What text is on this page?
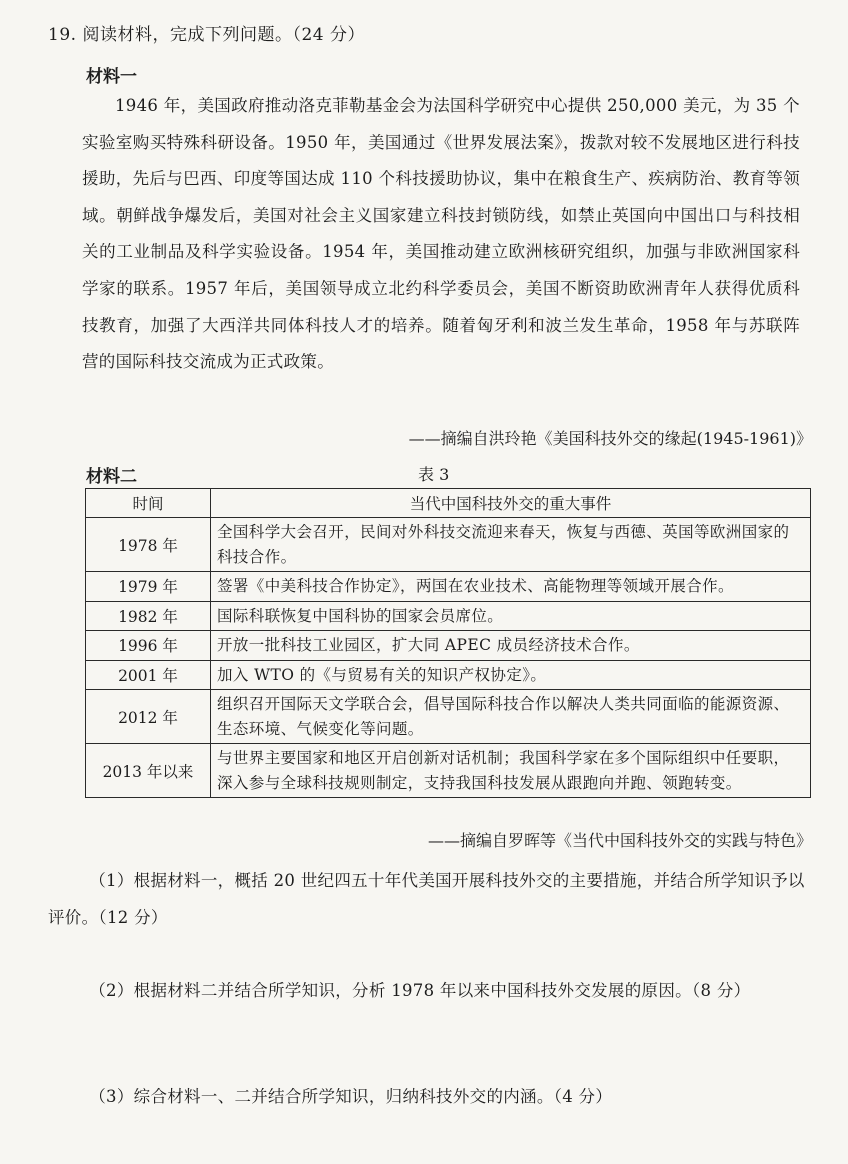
19. 阅读材料，完成下列问题。（24 分）
材料一
1946 年，美国政府推动洛克菲勒基金会为法国科学研究中心提供 250,000 美元，为 35 个实验室购买特殊科研设备。1950 年，美国通过《世界发展法案》，拨款对较不发展地区进行科技援助，先后与巴西、印度等国达成 110 个科技援助协议，集中在粮食生产、疾病防治、教育等领域。朝鲜战争爆发后，美国对社会主义国家建立科技封锁防线，如禁止英国向中国出口与科技相关的工业制品及科学实验设备。1954 年，美国推动建立欧洲核研究组织，加强与非欧洲国家科学家的联系。1957 年后，美国领导成立北约科学委员会，美国不断资助欧洲青年人获得优质科技教育，加强了大西洋共同体科技人才的培养。随着匈牙利和波兰发生革命，1958 年与苏联阵营的国际科技交流成为正式政策。
——摘编自洪玲艳《美国科技外交的缘起(1945-1961)》
材料二	表 3
时间	当代中国科技外交的重大事件
1978 年	全国科学大会召开，民间对外科技交流迎来春天，恢复与西德、英国等欧洲国家的科技合作。
1979 年	签署《中美科技合作协定》，两国在农业技术、高能物理等领域开展合作。
1982 年	国际科联恢复中国科协的国家会员席位。
1996 年	开放一批科技工业园区，扩大同 APEC 成员经济技术合作。
2001 年	加入 WTO 的《与贸易有关的知识产权协定》。
2012 年	组织召开国际天文学联合会，倡导国际科技合作以解决人类共同面临的能源资源、生态环境、气候变化等问题。
2013 年以来	与世界主要国家和地区开启创新对话机制；我国科学家在多个国际组织中任要职，深入参与全球科技规则制定，支持我国科技发展从跟跑向并跑、领跑转变。
——摘编自罗晖等《当代中国科技外交的实践与特色》
（1）根据材料一，概括 20 世纪四五十年代美国开展科技外交的主要措施，并结合所学知识予以评价。（12 分）
（2）根据材料二并结合所学知识，分析 1978 年以来中国科技外交发展的原因。（8 分）
（3）综合材料一、二并结合所学知识，归纳科技外交的内涵。（4 分）
